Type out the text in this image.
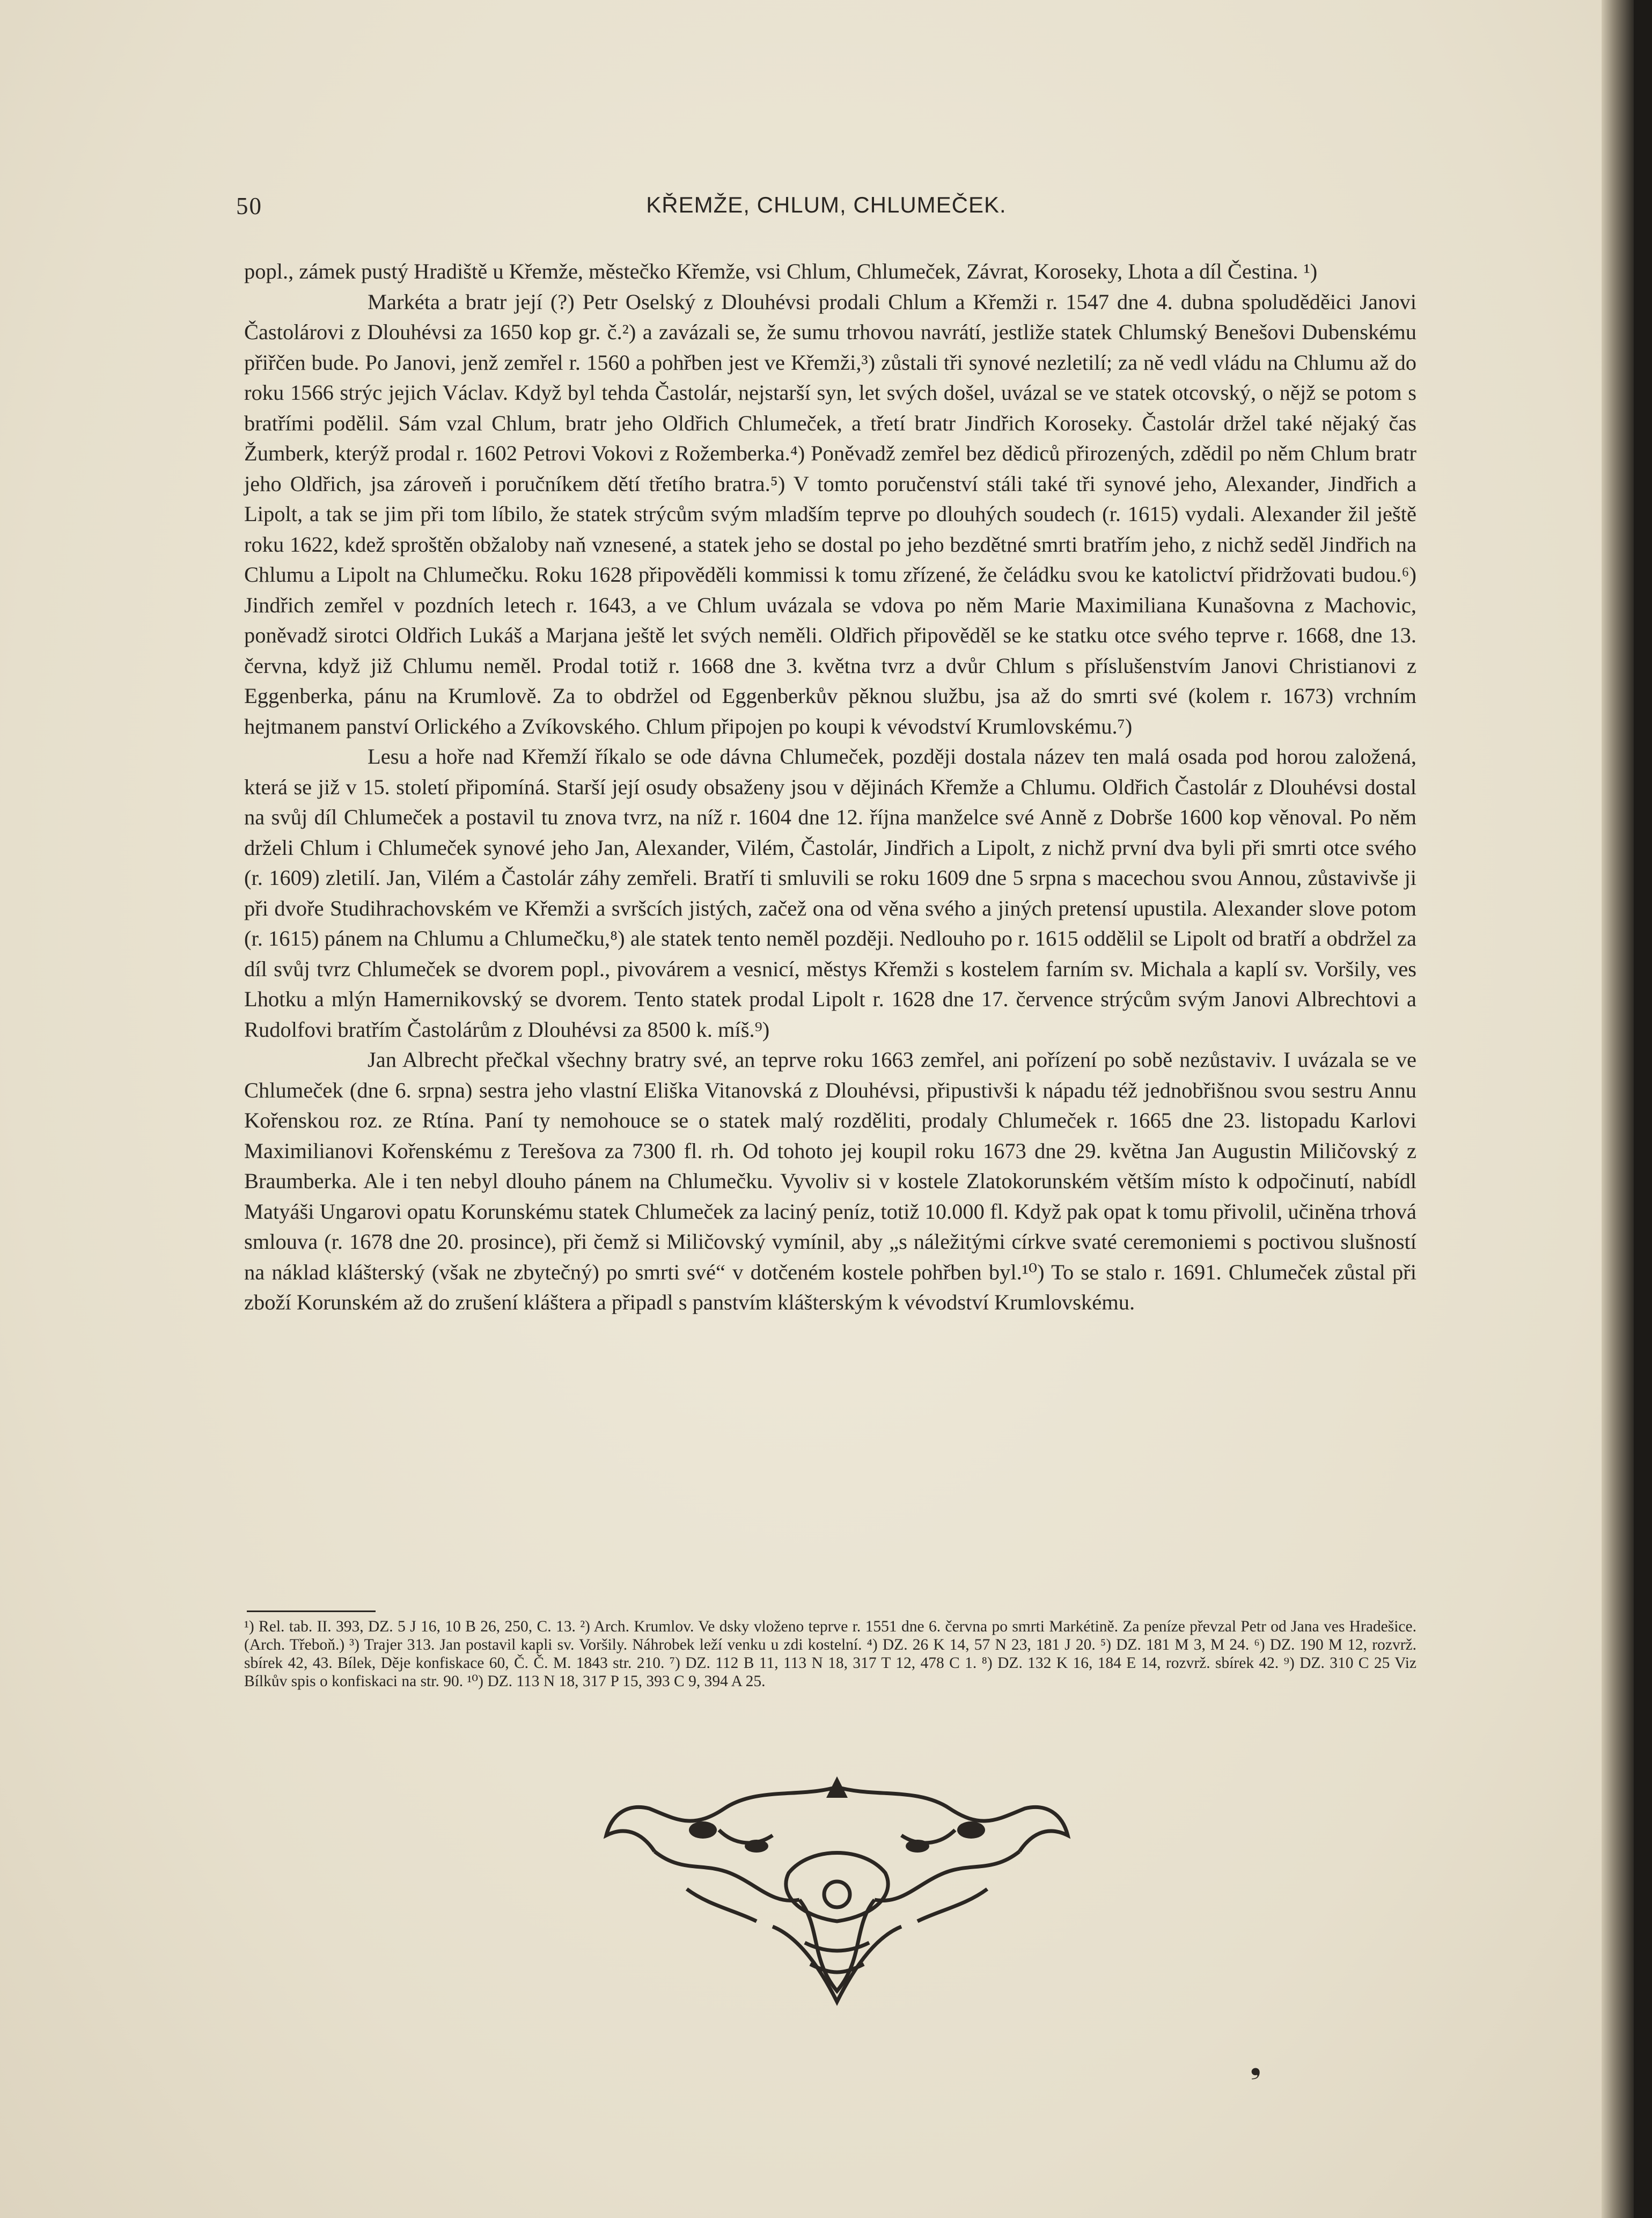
50	KŘEMŽE, CHLUM, CHLUMEČEK.

popl., zámek pustý Hradiště u Křemže, městečko Křemže, vsi Chlum, Chlumeček, Závrat, Koroseky, Lhota a díl Čestina. ¹)

Markéta a bratr její (?) Petr Oselský z Dlouhévsi prodali Chlum a Křemži r. 1547 dne 4. dubna spoluděděici Janovi Častolárovi z Dlouhévsi za 1650 kop gr. č.²) a zavázali se, že sumu trhovou navrátí, jestliže statek Chlumský Benešovi Dubenskému přiřčen bude. Po Janovi, jenž zemřel r. 1560 a pohřben jest ve Křemži,³) zůstali tři synové nezletilí; za ně vedl vládu na Chlumu až do roku 1566 strýc jejich Václav. Když byl tehda Častolár, nejstarší syn, let svých došel, uvázal se ve statek otcovský, o nějž se potom s bratřími podělil. Sám vzal Chlum, bratr jeho Oldřich Chlumeček, a třetí bratr Jindřich Koroseky. Častolár držel také nějaký čas Žumberk, kterýž prodal r. 1602 Petrovi Vokovi z Rožemberka.⁴) Poněvadž zemřel bez dědiců přirozených, zdědil po něm Chlum bratr jeho Oldřich, jsa zároveň i poručníkem dětí třetího bratra.⁵) V tomto poručenství stáli také tři synové jeho, Alexander, Jindřich a Lipolt, a tak se jim při tom líbilo, že statek strýcům svým mladším teprve po dlouhých soudech (r. 1615) vydali. Alexander žil ještě roku 1622, kdež sproštěn obžaloby naň vznesené, a statek jeho se dostal po jeho bezdětné smrti bratřím jeho, z nichž seděl Jindřich na Chlumu a Lipolt na Chlumečku. Roku 1628 připověděli kommissi k tomu zřízené, že čeládku svou ke katolictví přidržovati budou.⁶) Jindřich zemřel v pozdních letech r. 1643, a ve Chlum uvázala se vdova po něm Marie Maximiliana Kunašovna z Machovic, poněvadž sirotci Oldřich Lukáš a Marjana ještě let svých neměli. Oldřich připověděl se ke statku otce svého teprve r. 1668, dne 13. června, když již Chlumu neměl. Prodal totiž r. 1668 dne 3. května tvrz a dvůr Chlum s příslušenstvím Janovi Christianovi z Eggenberka, pánu na Krumlově. Za to obdržel od Eggenberkův pěknou službu, jsa až do smrti své (kolem r. 1673) vrchním hejtmanem panství Orlického a Zvíkovského. Chlum připojen po koupi k vévodství Krumlovskému.⁷)

Lesu a hoře nad Křemží říkalo se ode dávna Chlumeček, později dostala název ten malá osada pod horou založená, která se již v 15. století připomíná. Starší její osudy obsaženy jsou v dějinách Křemže a Chlumu. Oldřich Častolár z Dlouhévsi dostal na svůj díl Chlumeček a postavil tu znova tvrz, na níž r. 1604 dne 12. října manželce své Anně z Dobrše 1600 kop věnoval. Po něm drželi Chlum i Chlumeček synové jeho Jan, Alexander, Vilém, Častolár, Jindřich a Lipolt, z nichž první dva byli při smrti otce svého (r. 1609) zletilí. Jan, Vilém a Častolár záhy zemřeli. Bratří ti smluvili se roku 1609 dne 5 srpna s macechou svou Annou, zůstavivše ji při dvoře Studihrachovském ve Křemži a svršcích jistých, začež ona od věna svého a jiných pretensí upustila. Alexander slove potom (r. 1615) pánem na Chlumu a Chlumečku,⁸) ale statek tento neměl později. Nedlouho po r. 1615 oddělil se Lipolt od bratří a obdržel za díl svůj tvrz Chlumeček se dvorem popl., pivovárem a vesnicí, městys Křemži s kostelem farním sv. Michala a kaplí sv. Voršily, ves Lhotku a mlýn Hamernikovský se dvorem. Tento statek prodal Lipolt r. 1628 dne 17. července strýcům svým Janovi Albrechtovi a Rudolfovi bratřím Častolárům z Dlouhévsi za 8500 k. míš.⁹)

Jan Albrecht přečkal všechny bratry své, an teprve roku 1663 zemřel, ani pořízení po sobě nezůstaviv. I uvázala se ve Chlumeček (dne 6. srpna) sestra jeho vlastní Eliška Vitanovská z Dlouhévsi, připustivši k nápadu též jednobřišnou svou sestru Annu Kořenskou roz. ze Rtína. Paní ty nemohouce se o statek malý rozděliti, prodaly Chlumeček r. 1665 dne 23. listopadu Karlovi Maximilianovi Kořenskému z Terešova za 7300 fl. rh. Od tohoto jej koupil roku 1673 dne 29. května Jan Augustin Miličovský z Braumberka. Ale i ten nebyl dlouho pánem na Chlumečku. Vyvoliv si v kostele Zlatokorunském větším místo k odpočinutí, nabídl Matyáši Ungarovi opatu Korunskému statek Chlumeček za laciný peníz, totiž 10.000 fl. Když pak opat k tomu přivolil, učiněna trhová smlouva (r. 1678 dne 20. prosince), při čemž si Miličovský vymínil, aby „s náležitými církve svaté ceremoniemi s poctivou slušností na náklad klášterský (však ne zbytečný) po smrti své“ v dotčeném kostele pohřben byl.¹⁰) To se stalo r. 1691. Chlumeček zůstal při zboží Korunském až do zrušení kláštera a připadl s panstvím klášterským k vévodství Krumlovskému.

¹) Rel. tab. II. 393, DZ. 5 J 16, 10 B 26, 250, C. 13. ²) Arch. Krumlov. Ve dsky vloženo teprve r. 1551 dne 6. června po smrti Markétině. Za peníze převzal Petr od Jana ves Hradešice. (Arch. Třeboň.) ³) Trajer 313. Jan postavil kapli sv. Voršily. Náhrobek leží venku u zdi kostelní. ⁴) DZ. 26 K 14, 57 N 23, 181 J 20. ⁵) DZ. 181 M 3, M 24. ⁶) DZ. 190 M 12, rozvrž. sbírek 42, 43. Bílek, Děje konfiskace 60, Č. Č. M. 1843 str. 210. ⁷) DZ. 112 B 11, 113 N 18, 317 T 12, 478 C 1. ⁸) DZ. 132 K 16, 184 E 14, rozvrž. sbírek 42. ⁹) DZ. 310 C 25 Viz Bílkův spis o konfiskaci na str. 90. ¹⁰) DZ. 113 N 18, 317 P 15, 393 C 9, 394 A 25.
❟
